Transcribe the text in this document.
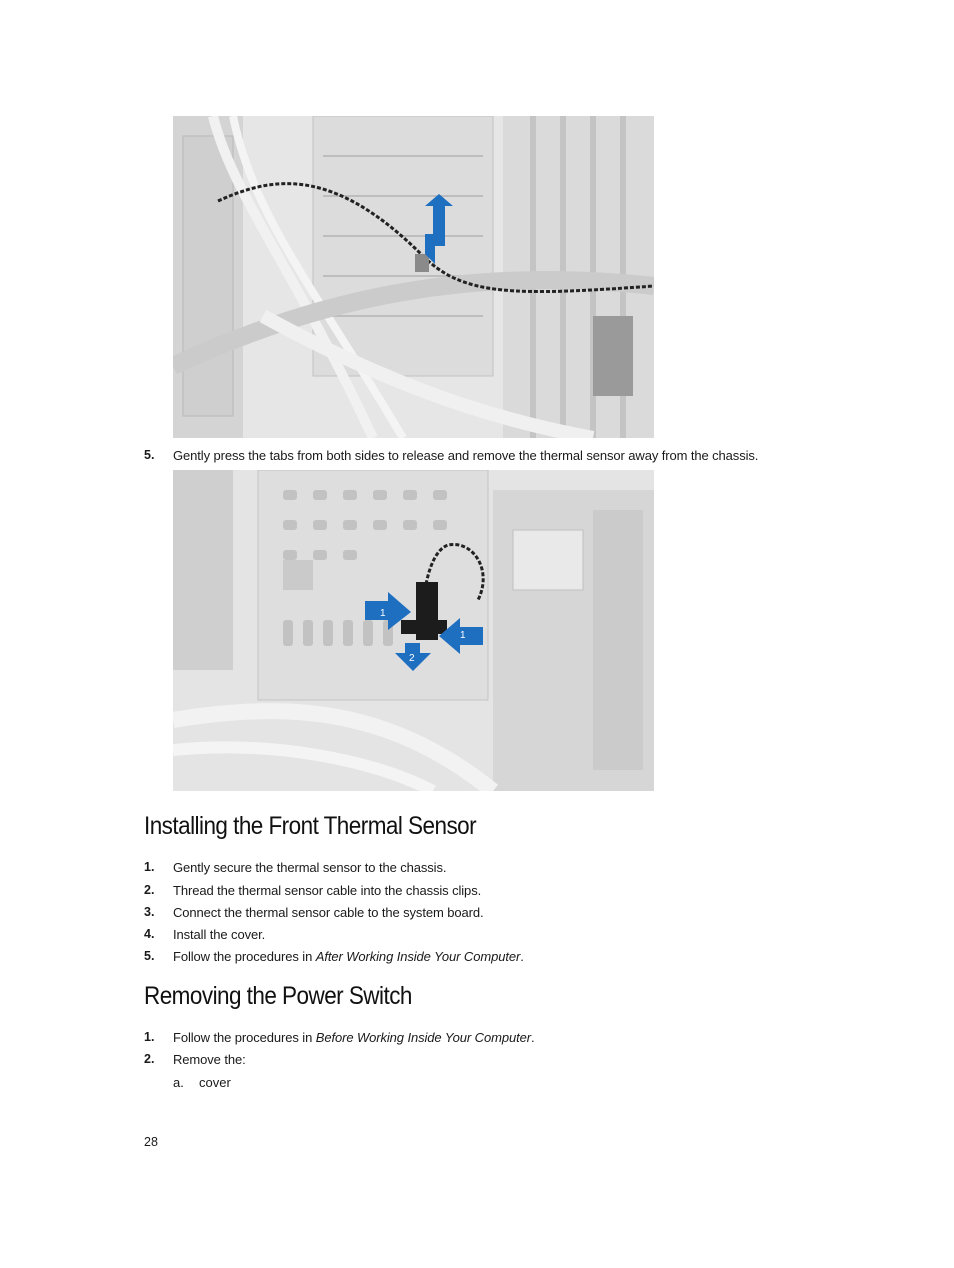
5. Gently press the tabs from both sides to release and remove the thermal sensor away from the chassis.
1
1
2
Installing the Front Thermal Sensor
1. Gently secure the thermal sensor to the chassis.
2. Thread the thermal sensor cable into the chassis clips.
3. Connect the thermal sensor cable to the system board.
4. Install the cover.
5. Follow the procedures in After Working Inside Your Computer.
Removing the Power Switch
1. Follow the procedures in Before Working Inside Your Computer.
2. Remove the:
a. cover
28
